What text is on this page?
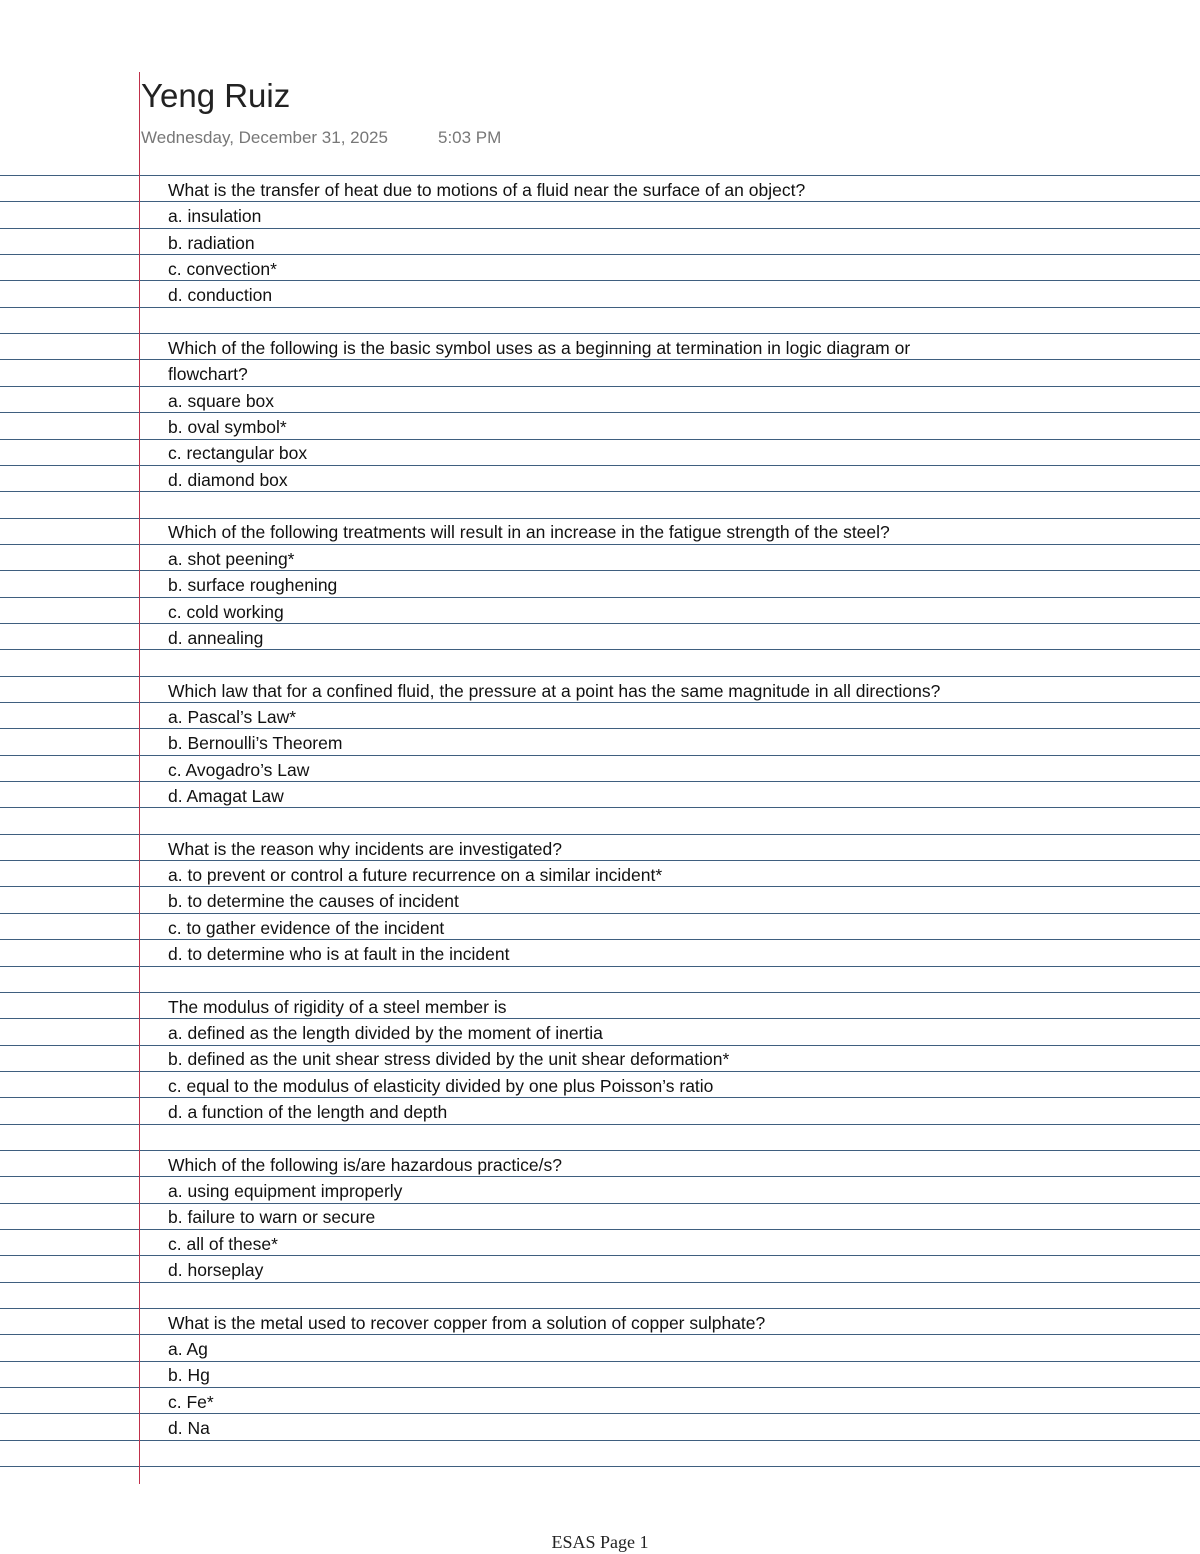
Yeng Ruiz
Wednesday, December 31, 2025	5:03 PM
What is the transfer of heat due to motions of a fluid near the surface of an object?
a. insulation
b. radiation
c. convection*
d. conduction
Which of the following is the basic symbol uses as a beginning at termination in logic diagram or
flowchart?
a. square box
b. oval symbol*
c. rectangular box
d. diamond box
Which of the following treatments will result in an increase in the fatigue strength of the steel?
a. shot peening*
b. surface roughening
c. cold working
d. annealing
Which law that for a confined fluid, the pressure at a point has the same magnitude in all directions?
a. Pascal’s Law*
b. Bernoulli’s Theorem
c. Avogadro’s Law
d. Amagat Law
What is the reason why incidents are investigated?
a. to prevent or control a future recurrence on a similar incident*
b. to determine the causes of incident
c. to gather evidence of the incident
d. to determine who is at fault in the incident
The modulus of rigidity of a steel member is
a. defined as the length divided by the moment of inertia
b. defined as the unit shear stress divided by the unit shear deformation*
c. equal to the modulus of elasticity divided by one plus Poisson’s ratio
d. a function of the length and depth
Which of the following is/are hazardous practice/s?
a. using equipment improperly
b. failure to warn or secure
c. all of these*
d. horseplay
What is the metal used to recover copper from a solution of copper sulphate?
a. Ag
b. Hg
c. Fe*
d. Na
ESAS Page 1
